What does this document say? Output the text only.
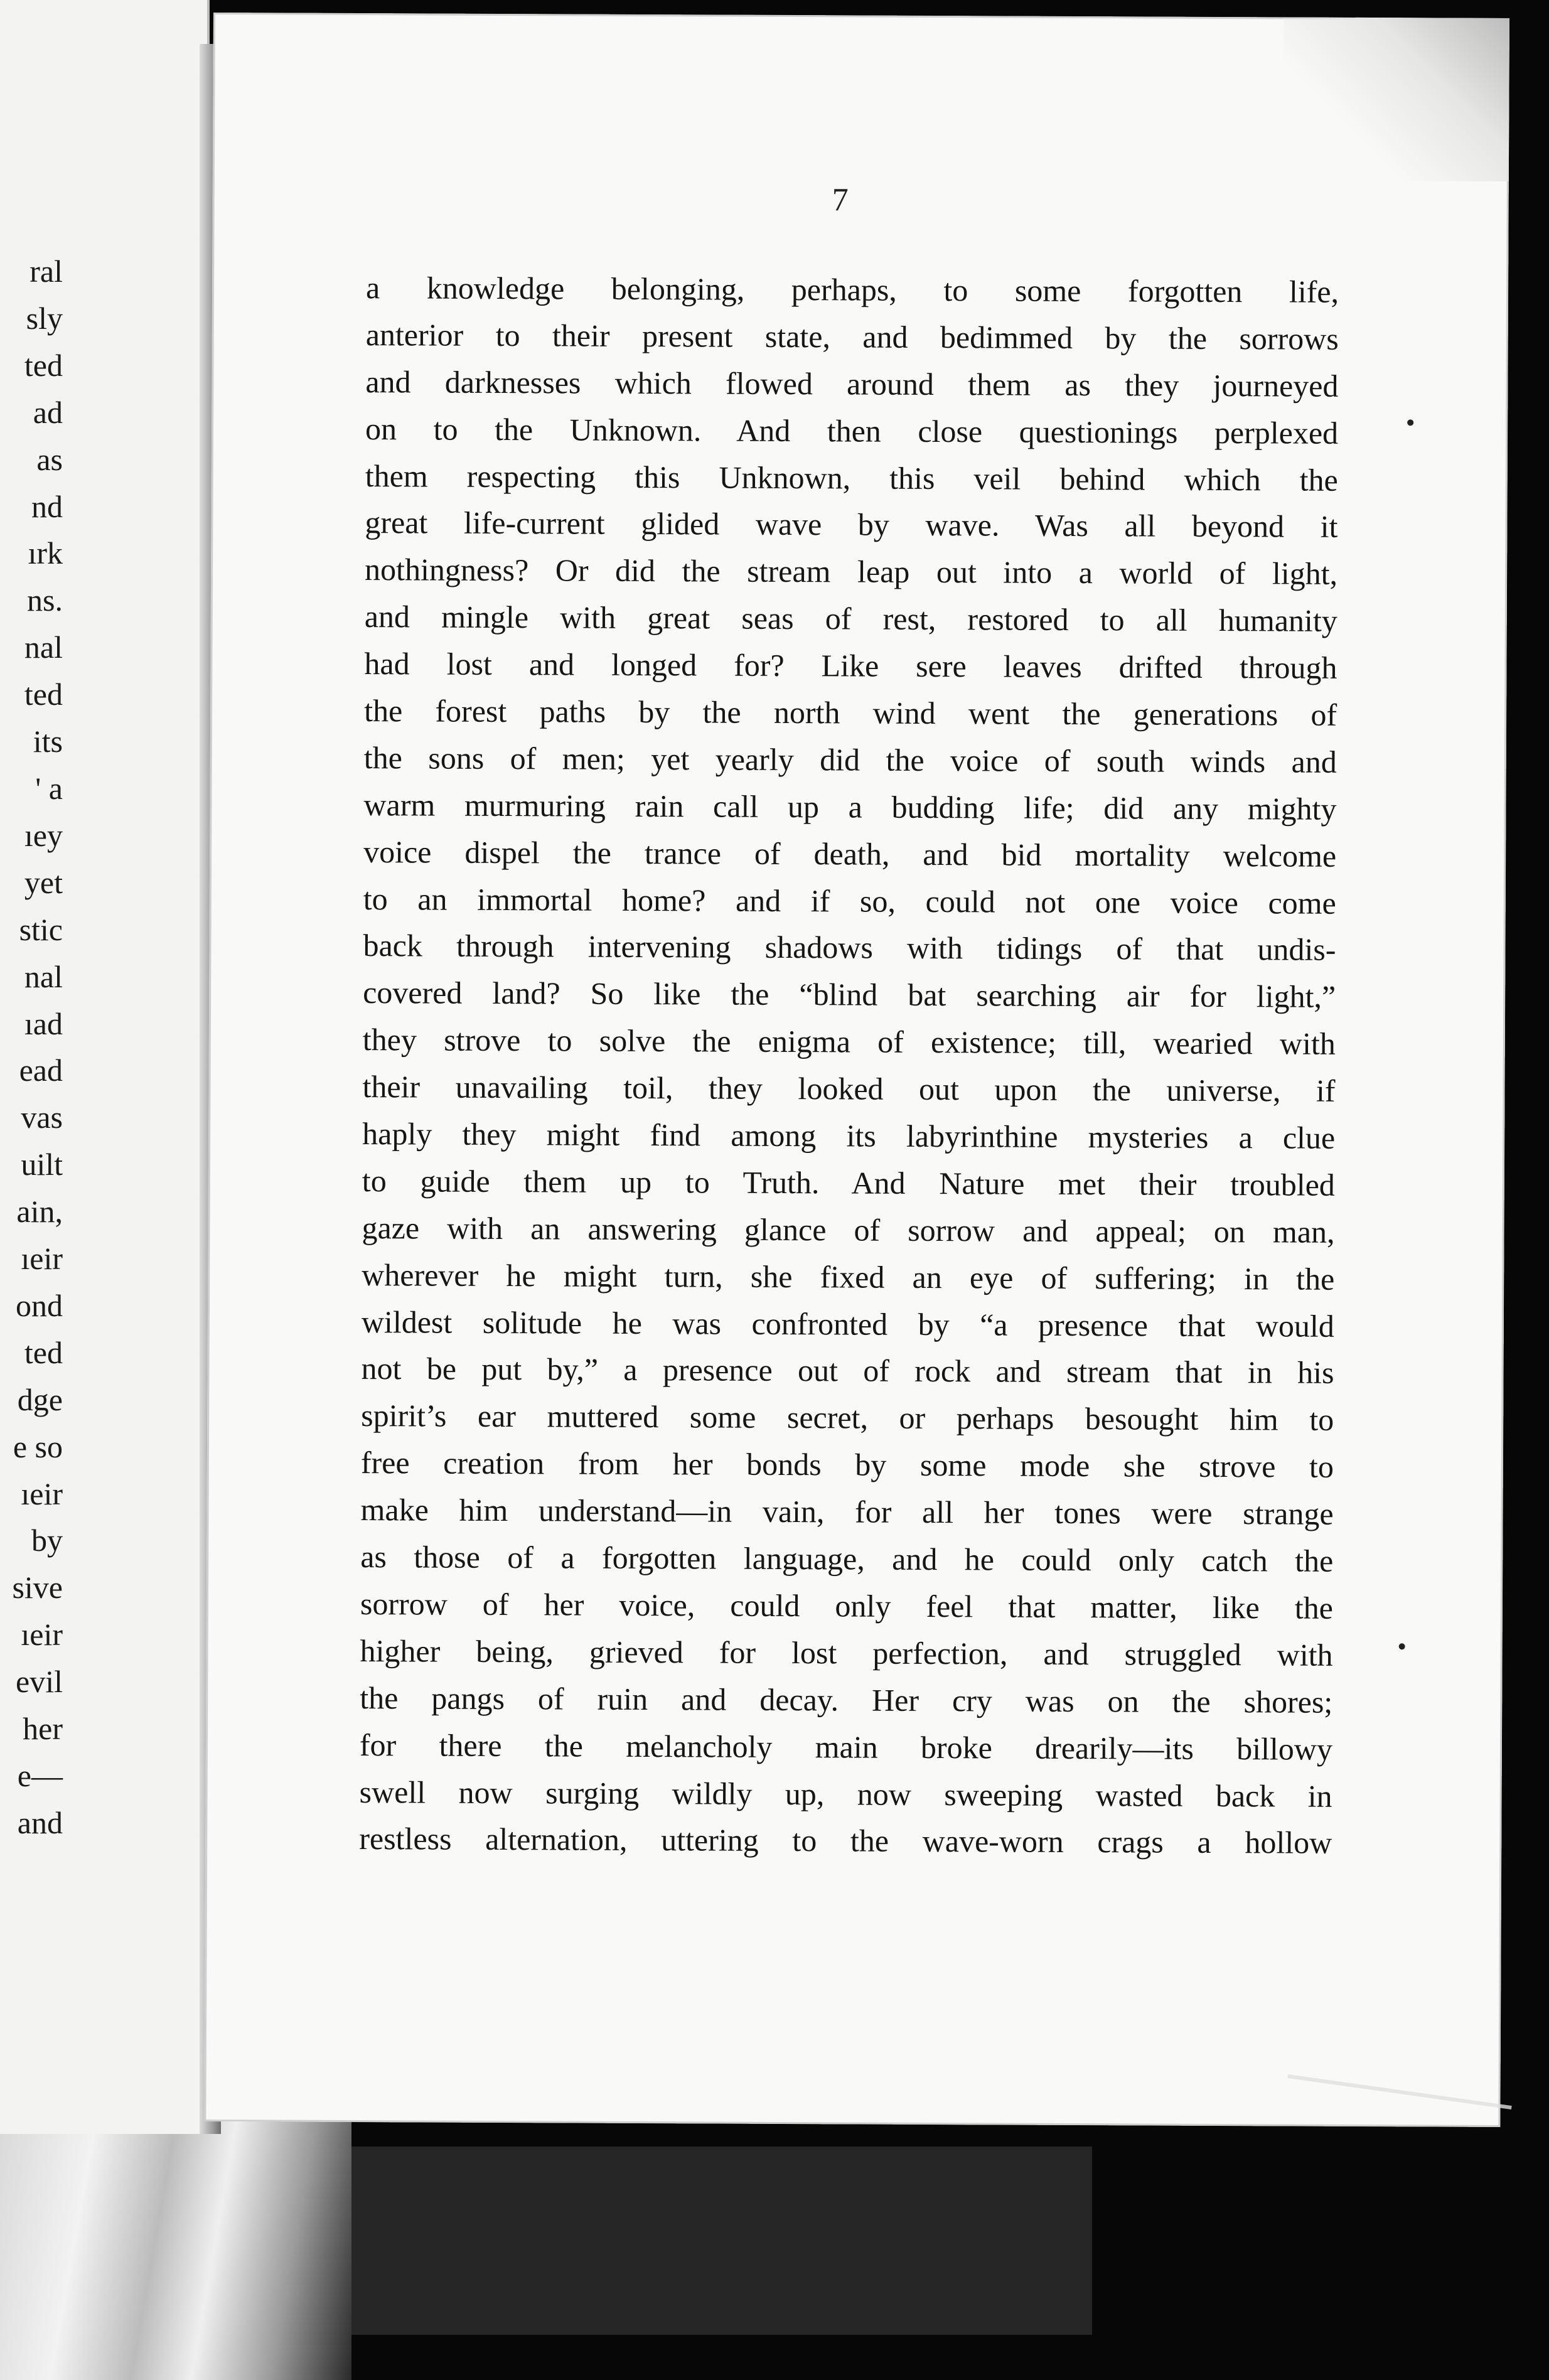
ral
sly
ted
ad
as
nd
ırk
ns.
nal
ted
its
' a
ıey
yet
stic
nal
ıad
ead
vas
uilt
ain,
ıeir
ond
ted
dge
e so
ıeir
by
sive
ıeir
evil
her
e—
and
7
a knowledge belonging, perhaps, to some forgotten life,
anterior to their present state, and bedimmed by the sorrows
and darknesses which flowed around them as they journeyed
on to the Unknown. And then close questionings perplexed
them respecting this Unknown, this veil behind which the
great life-current glided wave by wave. Was all beyond it
nothingness? Or did the stream leap out into a world of light,
and mingle with great seas of rest, restored to all humanity
had lost and longed for? Like sere leaves drifted through
the forest paths by the north wind went the generations of
the sons of men; yet yearly did the voice of south winds and
warm murmuring rain call up a budding life; did any mighty
voice dispel the trance of death, and bid mortality welcome
to an immortal home? and if so, could not one voice come
back through intervening shadows with tidings of that undis-
covered land? So like the “blind bat searching air for light,”
they strove to solve the enigma of existence; till, wearied with
their unavailing toil, they looked out upon the universe, if
haply they might find among its labyrinthine mysteries a clue
to guide them up to Truth. And Nature met their troubled
gaze with an answering glance of sorrow and appeal; on man,
wherever he might turn, she fixed an eye of suffering; in the
wildest solitude he was confronted by “a presence that would
not be put by,” a presence out of rock and stream that in his
spirit’s ear muttered some secret, or perhaps besought him to
free creation from her bonds by some mode she strove to
make him understand—in vain, for all her tones were strange
as those of a forgotten language, and he could only catch the
sorrow of her voice, could only feel that matter, like the
higher being, grieved for lost perfection, and struggled with
the pangs of ruin and decay. Her cry was on the shores;
for there the melancholy main broke drearily—its billowy
swell now surging wildly up, now sweeping wasted back in
restless alternation, uttering to the wave-worn crags a hollow
